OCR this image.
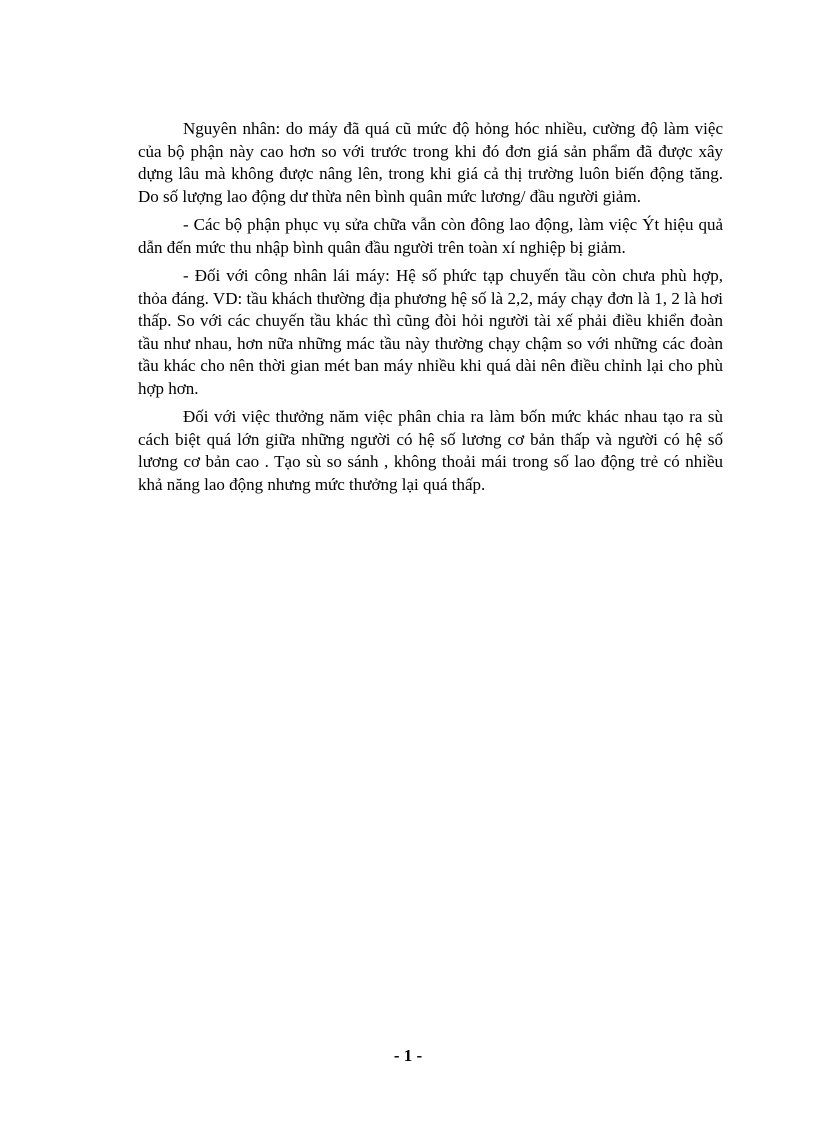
Nguyên nhân: do máy đã quá cũ mức độ hỏng hóc nhiều, cường độ làm việc của bộ phận này cao hơn so với trước trong khi đó đơn giá sản phẩm đã được xây dựng lâu mà không được nâng lên, trong khi giá cả thị trường luôn biến động tăng. Do số lượng lao động dư thừa nên bình quân mức lương/ đầu người giảm.

- Các bộ phận phục vụ sửa chữa vẫn còn đông lao động, làm việc Ýt hiệu quả dẫn đến mức thu nhập bình quân đầu người trên toàn xí nghiệp bị giảm.

- Đối với công nhân lái máy: Hệ số phức tạp chuyến tầu còn chưa phù hợp, thỏa đáng. VD: tầu khách thường địa phương hệ số là 2,2, máy chạy đơn là 1, 2 là hơi thấp. So với các chuyến tầu khác thì cũng đòi hỏi người tài xế phải điều khiển đoàn tầu như nhau, hơn nữa những mác tầu này thường chạy chậm so với những các đoàn tầu khác cho nên thời gian mét ban máy nhiều khi quá dài nên điều chỉnh lại cho phù hợp hơn.

Đối với việc thưởng năm việc phân chia ra làm bốn mức khác nhau tạo ra sù cách biệt quá lớn giữa những người có hệ số lương cơ bản thấp và người có hệ số lương cơ bản cao . Tạo sù so sánh , không thoải mái trong số lao động trẻ có nhiều khả năng lao động nhưng mức thưởng lại quá thấp.

- 1 -
